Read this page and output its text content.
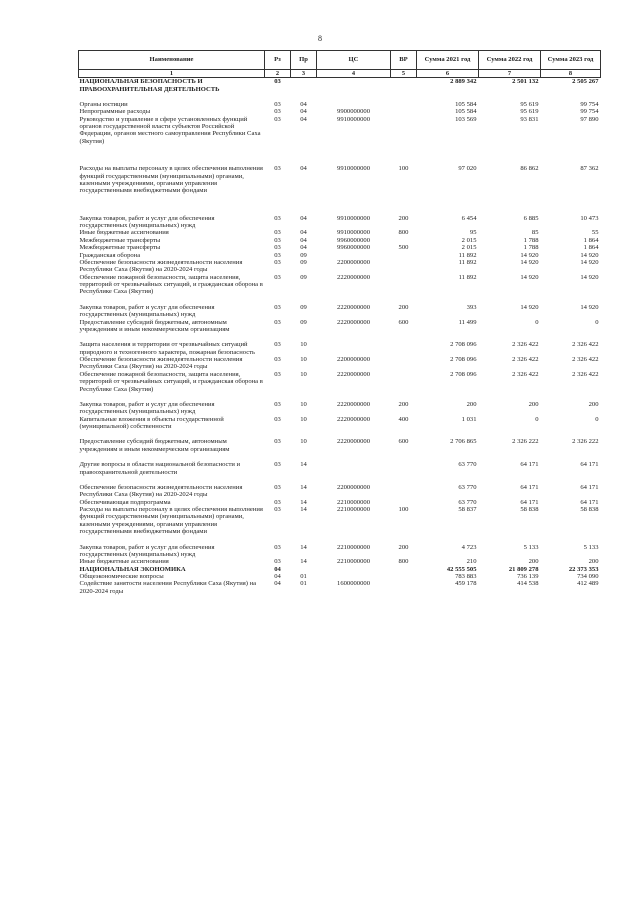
8
Наименование	Рз	Пр	ЦС	ВР	Сумма 2021 год	Сумма 2022 год	Сумма 2023 год
1	2	3	4	5	6	7	8
НАЦИОНАЛЬНАЯ БЕЗОПАСНОСТЬ И ПРАВООХРАНИТЕЛЬНАЯ ДЕЯТЕЛЬНОСТЬ	03				2 889 342	2 501 132	2 505 267

Органы юстиции	03	04			105 584	95 619	99 754
Непрограммные расходы	03	04	9900000000		105 584	95 619	99 754
Руководство и управление в сфере установленных функций органов государственной власти субъектов Российской Федерации, органов местного самоуправления Республики Саха (Якутия)	03	04	9910000000		103 569	93 831	97 890

Расходы на выплаты персоналу в целях обеспечения выполнения функций государственными (муниципальными) органами, казенными учреждениями, органами управления государственными внебюджетными фондами	03	04	9910000000	100	97 020	86 862	87 362

Закупка товаров, работ и услуг для обеспечения государственных (муниципальных) нужд	03	04	9910000000	200	6 454	6 885	10 473
Иные бюджетные ассигнования	03	04	9910000000	800	95	85	55
Межбюджетные трансферты	03	04	9960000000		2 015	1 788	1 864
Межбюджетные трансферты	03	04	9960000000	500	2 015	1 788	1 864
Гражданская оборона	03	09			11 892	14 920	14 920
Обеспечение безопасности жизнедеятельности населения Республики Саха (Якутия) на 2020-2024 годы	03	09	2200000000		11 892	14 920	14 920
Обеспечение пожарной безопасности, защита населения, территорий от чрезвычайных ситуаций, и гражданская оборона в Республике Саха (Якутия)	03	09	2220000000		11 892	14 920	14 920

Закупка товаров, работ и услуг для обеспечения государственных (муниципальных) нужд	03	09	2220000000	200	393	14 920	14 920
Предоставление субсидий бюджетным, автономным учреждениям и иным некоммерческим организациям	03	09	2220000000	600	11 499	0	0

Защита населения и территории от чрезвычайных ситуаций природного и техногенного характера, пожарная безопасность	03	10			2 708 096	2 326 422	2 326 422
Обеспечение безопасности жизнедеятельности населения Республики Саха (Якутия) на 2020-2024 годы	03	10	2200000000		2 708 096	2 326 422	2 326 422
Обеспечение пожарной безопасности, защита населения, территорий от чрезвычайных ситуаций, и гражданская оборона в Республике Саха (Якутия)	03	10	2220000000		2 708 096	2 326 422	2 326 422

Закупка товаров, работ и услуг для обеспечения государственных (муниципальных) нужд	03	10	2220000000	200	200	200	200
Капитальные вложения в объекты государственной (муниципальной) собственности	03	10	2220000000	400	1 031	0	0

Предоставление субсидий бюджетным, автономным учреждениям и иным некоммерческим организациям	03	10	2220000000	600	2 706 865	2 326 222	2 326 222

Другие вопросы в области национальной безопасности и правоохранительной деятельности	03	14			63 770	64 171	64 171

Обеспечение безопасности жизнедеятельности населения Республики Саха (Якутия) на 2020-2024 годы	03	14	2200000000		63 770	64 171	64 171
Обеспечивающая подпрограмма	03	14	2210000000		63 770	64 171	64 171
Расходы на выплаты персоналу в целях обеспечения выполнения функций государственными (муниципальными) органами, казенными учреждениями, органами управления государственными внебюджетными фондами	03	14	2210000000	100	58 837	58 838	58 838

Закупка товаров, работ и услуг для обеспечения государственных (муниципальных) нужд	03	14	2210000000	200	4 723	5 133	5 133
Иные бюджетные ассигнования	03	14	2210000000	800	210	200	200
НАЦИОНАЛЬНАЯ ЭКОНОМИКА	04				42 555 505	21 809 278	22 373 353
Общеэкономические вопросы	04	01			783 883	736 139	734 090
Содействие занятости населения Республики Саха (Якутия) на 2020-2024 годы	04	01	1600000000		459 178	414 538	412 489
